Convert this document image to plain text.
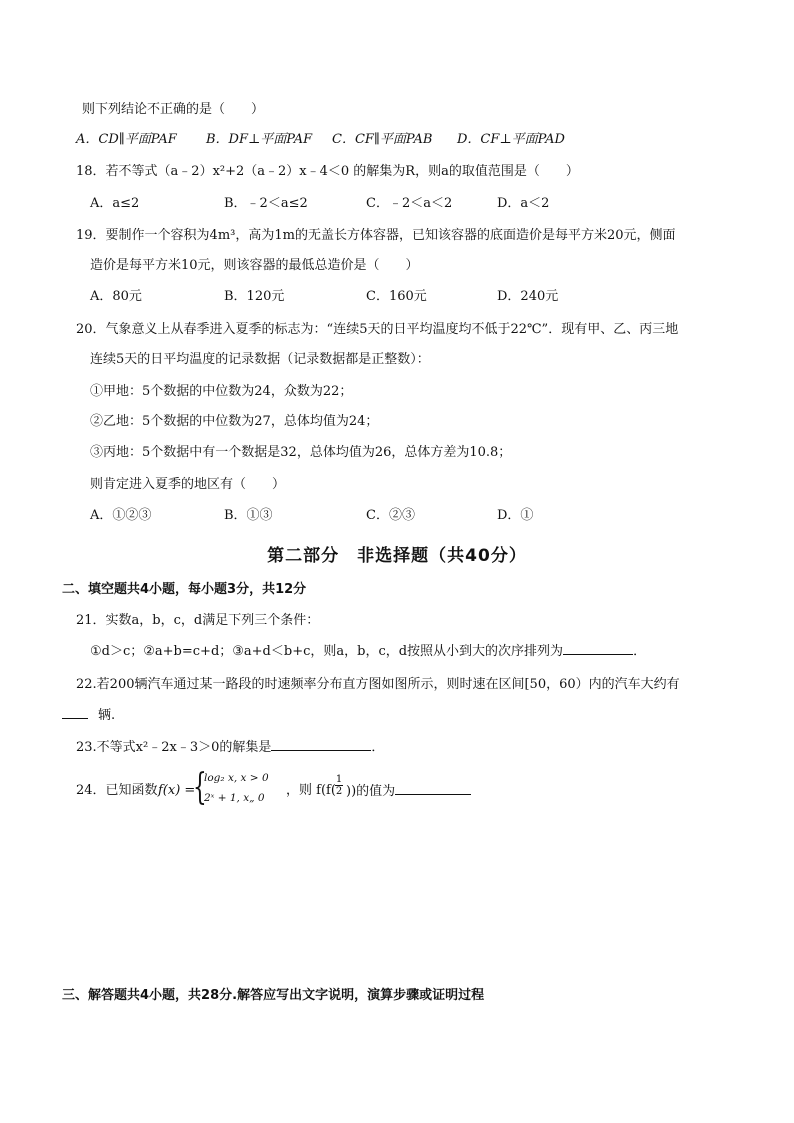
则下列结论不正确的是（　　）
A．CD∥平面PAF B．DF⊥平面PAF C．CF∥平面PAB D．CF⊥平面PAD
18．若不等式（a﹣2）x²+2（a﹣2）x﹣4＜0 的解集为R，则a的取值范围是（　　）
A．a≤2	B．﹣2＜a≤2	C．﹣2＜a＜2	D．a＜2
19．要制作一个容积为4m³，高为1m的无盖长方体容器，已知该容器的底面造价是每平方米20元，侧面
造价是每平方米10元，则该容器的最低总造价是（　　）
A．80元	B．120元	C．160元	D．240元
20．气象意义上从春季进入夏季的标志为：“连续5天的日平均温度均不低于22℃”．现有甲、乙、丙三地
连续5天的日平均温度的记录数据（记录数据都是正整数）：
①甲地：5个数据的中位数为24，众数为22；
②乙地：5个数据的中位数为27，总体均值为24；
③丙地：5个数据中有一个数据是32，总体均值为26，总体方差为10.8；
则肯定进入夏季的地区有（　　）
A．①②③	B．①③	C．②③	D．①
第二部分　非选择题（共40分）
二、填空题共4小题，每小题3分，共12分
21．实数a，b，c，d满足下列三个条件：
①d＞c；②a+b=c+d；③a+d＜b+c，则a，b，c，d按照从小到大的次序排列为	．
22.若200辆汽车通过某一路段的时速频率分布直方图如图所示，则时速在区间[50，60）内的汽车大约有
辆.
23.不等式x²﹣2x﹣3＞0的解集是	．
24．已知函数 f(x) =
{
log₂ x, x > 0
2ˣ + 1, x„ 0 ，则 f(f(
1
2 ))的值为
三、解答题共4小题，共28分.解答应写出文字说明，演算步骤或证明过程
